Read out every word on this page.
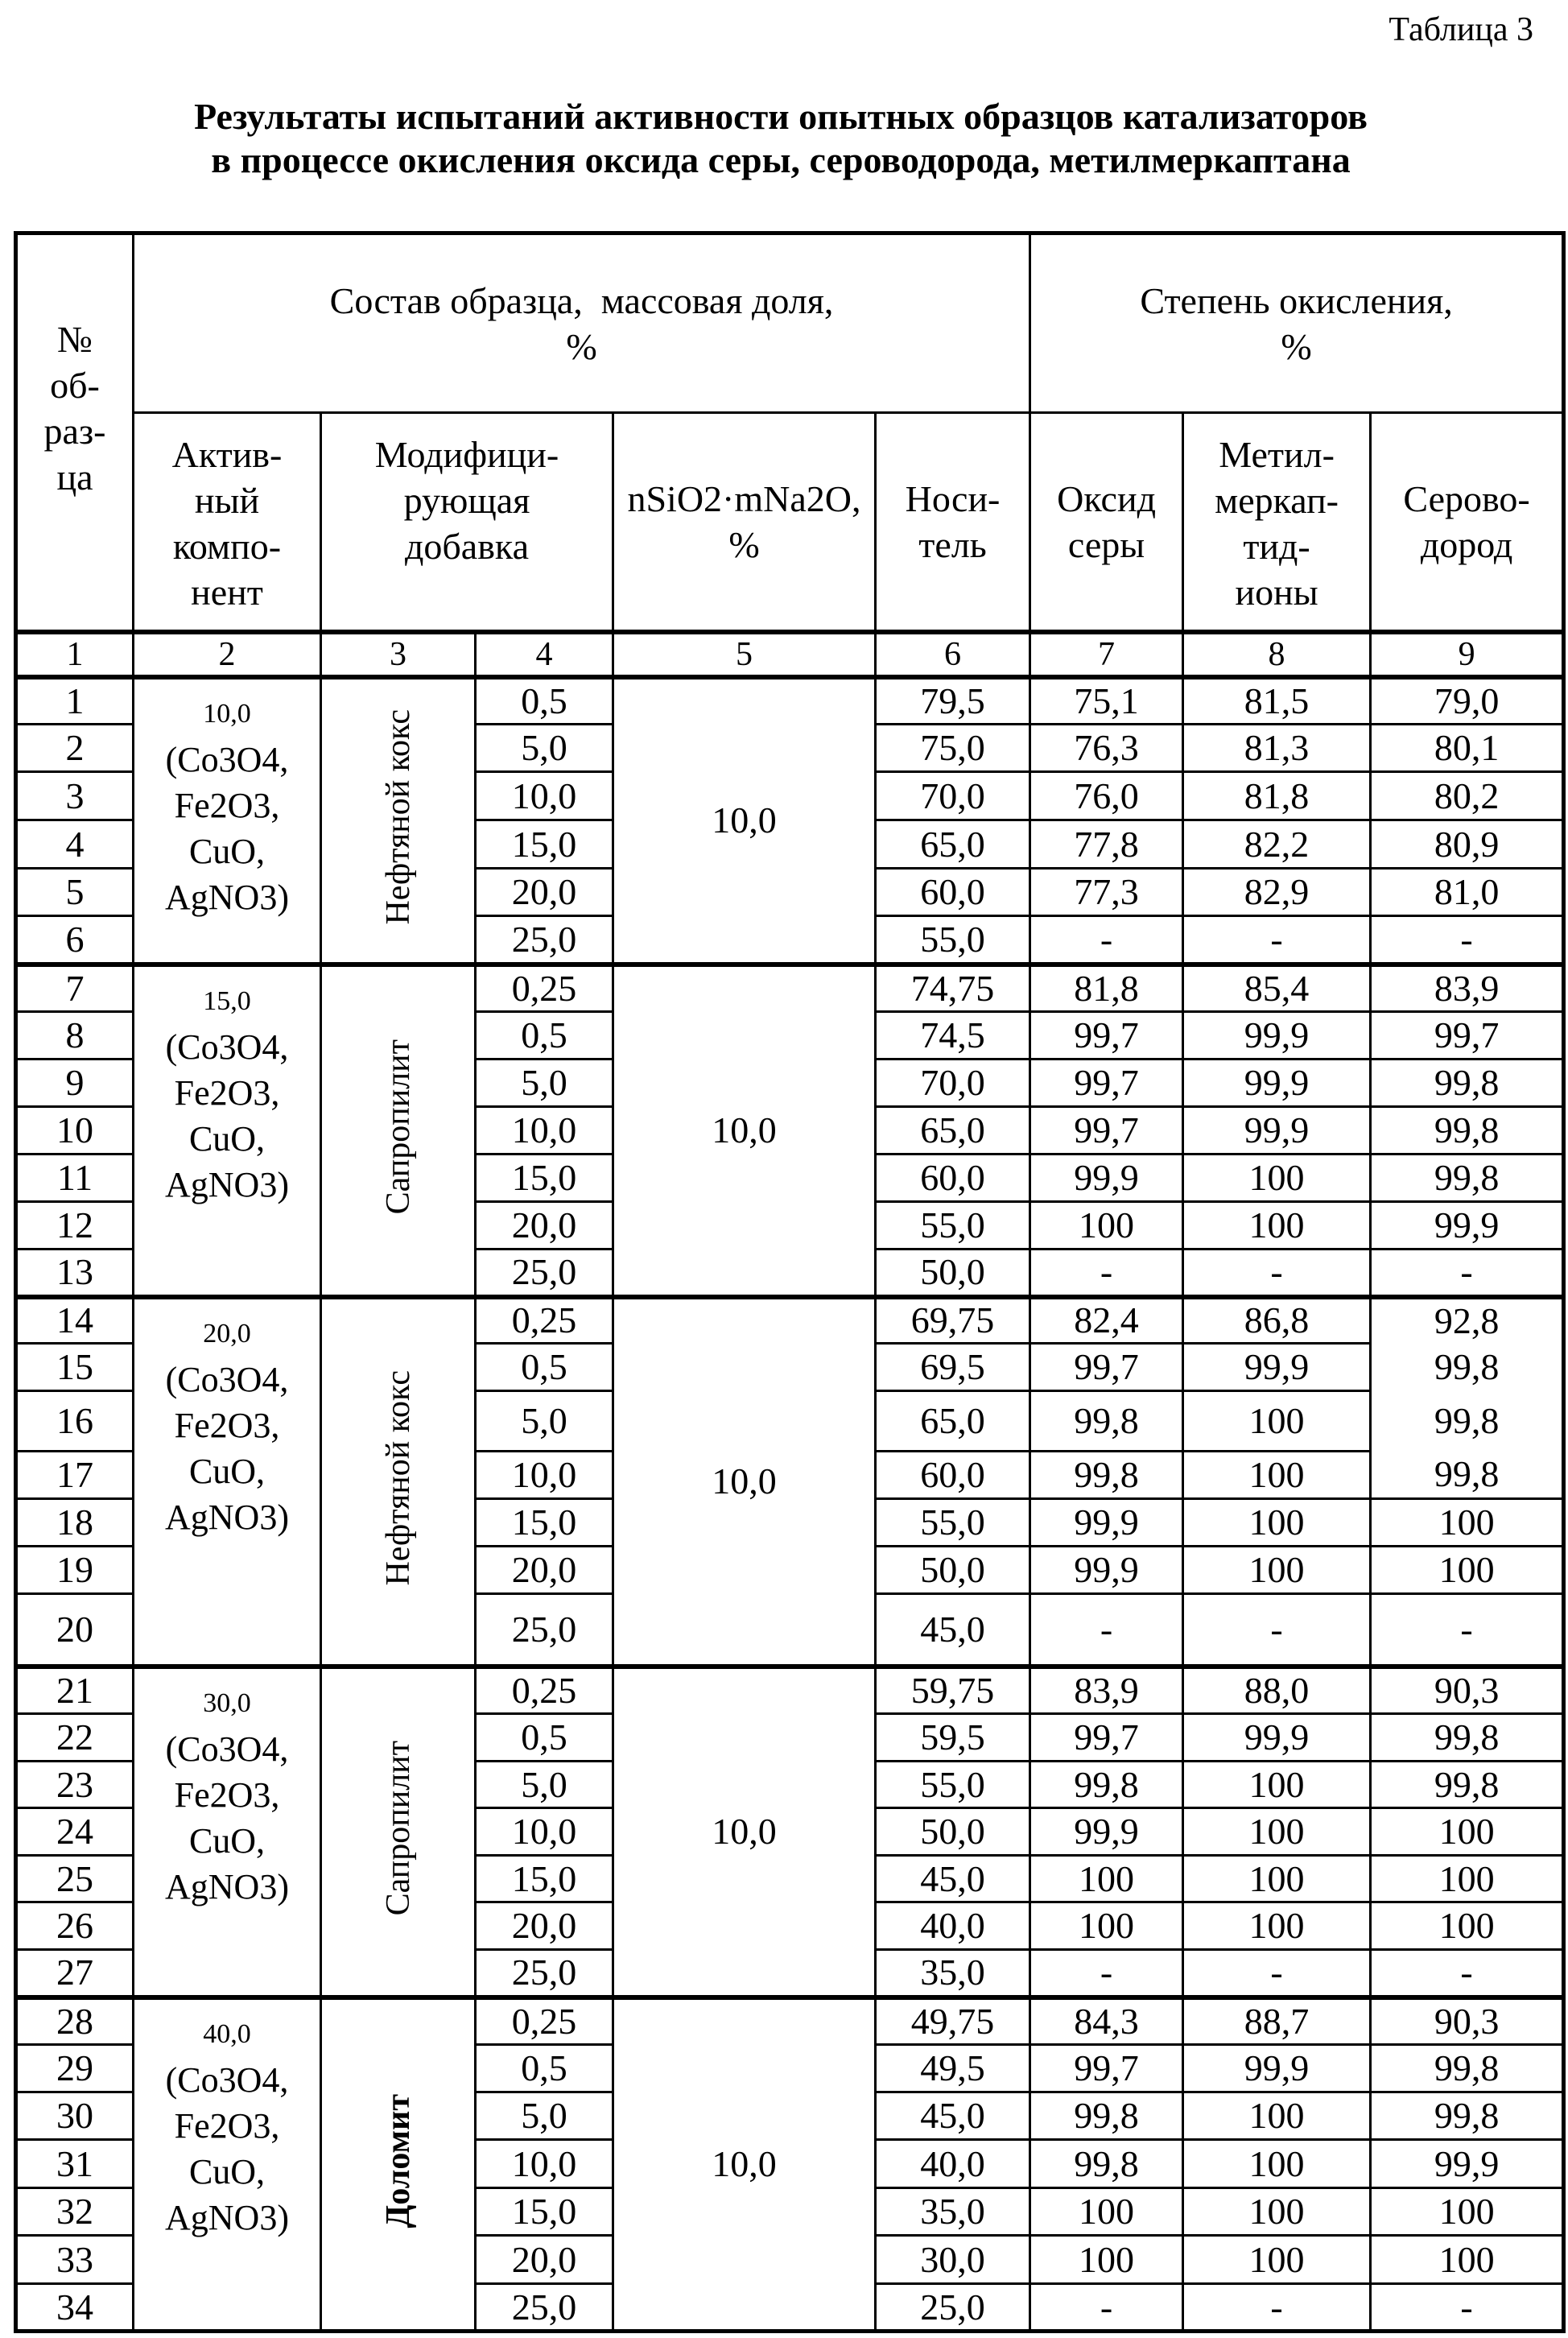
Таблица 3
Результаты испытаний активности опытных образцов катализаторов
в процессе окисления оксида серы, сероводорода, метилмеркаптана
№
об-
раз-
ца

Состав образца,  массовая доля,
%

Степень окисления,
%

Актив-
ный
компо-
нент

Модифици-
рующая
добавка

nSiO2·mNa2O,
%

Носи-
тель

Оксид
серы

Метил-
меркап-
тид-
ионы

Серово-
дород

1	2	3	4	5	6	7	8	9
1	10,0
(Co3O4,
Fe2O3,
CuO,
AgNO3)	Нефтяной кокс	0,5	10,0	79,5	75,1	81,5	79,0
2	5,0	75,0	76,3	81,3	80,1
3	10,0	70,0	76,0	81,8	80,2
4	15,0	65,0	77,8	82,2	80,9
5	20,0	60,0	77,3	82,9	81,0
6	25,0	55,0	-	-	-
7	15,0
(Co3O4,
Fe2O3,
CuO,
AgNO3)	Сапропилит	0,25	10,0	74,75	81,8	85,4	83,9
8	0,5	74,5	99,7	99,9	99,7
9	5,0	70,0	99,7	99,9	99,8
10	10,0	65,0	99,7	99,9	99,8
11	15,0	60,0	99,9	100	99,8
12	20,0	55,0	100	100	99,9
13	25,0	50,0	-	-	-
14	20,0
(Co3O4,
Fe2O3,
CuO,
AgNO3)	Нефтяной кокс	0,25	10,0	69,75	82,4	86,8	92,8
15	0,5	69,5	99,7	99,9	99,8
16	5,0	65,0	99,8	100	99,8
17	10,0	60,0	99,8	100	99,8
18	15,0	55,0	99,9	100	100
19	20,0	50,0	99,9	100	100
20	25,0	45,0	-	-	-
21	30,0
(Co3O4,
Fe2O3,
CuO,
AgNO3)	Сапропилит	0,25	10,0	59,75	83,9	88,0	90,3
22	0,5	59,5	99,7	99,9	99,8
23	5,0	55,0	99,8	100	99,8
24	10,0	50,0	99,9	100	100
25	15,0	45,0	100	100	100
26	20,0	40,0	100	100	100
27	25,0	35,0	-	-	-
28	40,0
(Co3O4,
Fe2O3,
CuO,
AgNO3)	Доломит	0,25	10,0	49,75	84,3	88,7	90,3
29	0,5	49,5	99,7	99,9	99,8
30	5,0	45,0	99,8	100	99,8
31	10,0	40,0	99,8	100	99,9
32	15,0	35,0	100	100	100
33	20,0	30,0	100	100	100
34	25,0	25,0	-	-	-
